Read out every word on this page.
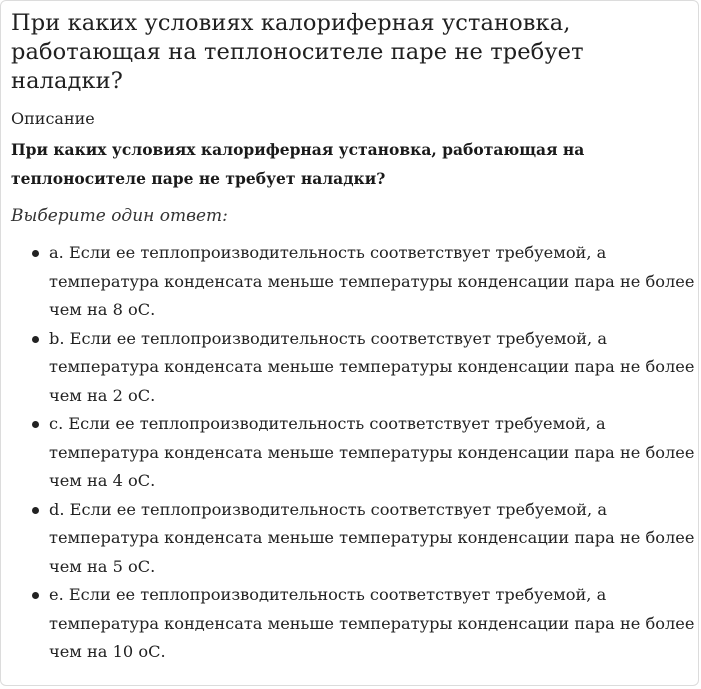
При каких условиях калориферная установка, работающая на теплоносителе паре не требует наладки?
Описание
При каких условиях калориферная установка, работающая на теплоносителе паре не требует наладки?
Выберите один ответ:
a. Если ее теплопроизводительность соответствует требуемой, а температура конденсата меньше температуры конденсации пара не более чем на 8 оС.
b. Если ее теплопроизводительность соответствует требуемой, а температура конденсата меньше температуры конденсации пара не более чем на 2 оС.
c. Если ее теплопроизводительность соответствует требуемой, а температура конденсата меньше температуры конденсации пара не более чем на 4 оС.
d. Если ее теплопроизводительность соответствует требуемой, а температура конденсата меньше температуры конденсации пара не более чем на 5 оС.
e. Если ее теплопроизводительность соответствует требуемой, а температура конденсата меньше температуры конденсации пара не более чем на 10 оС.
